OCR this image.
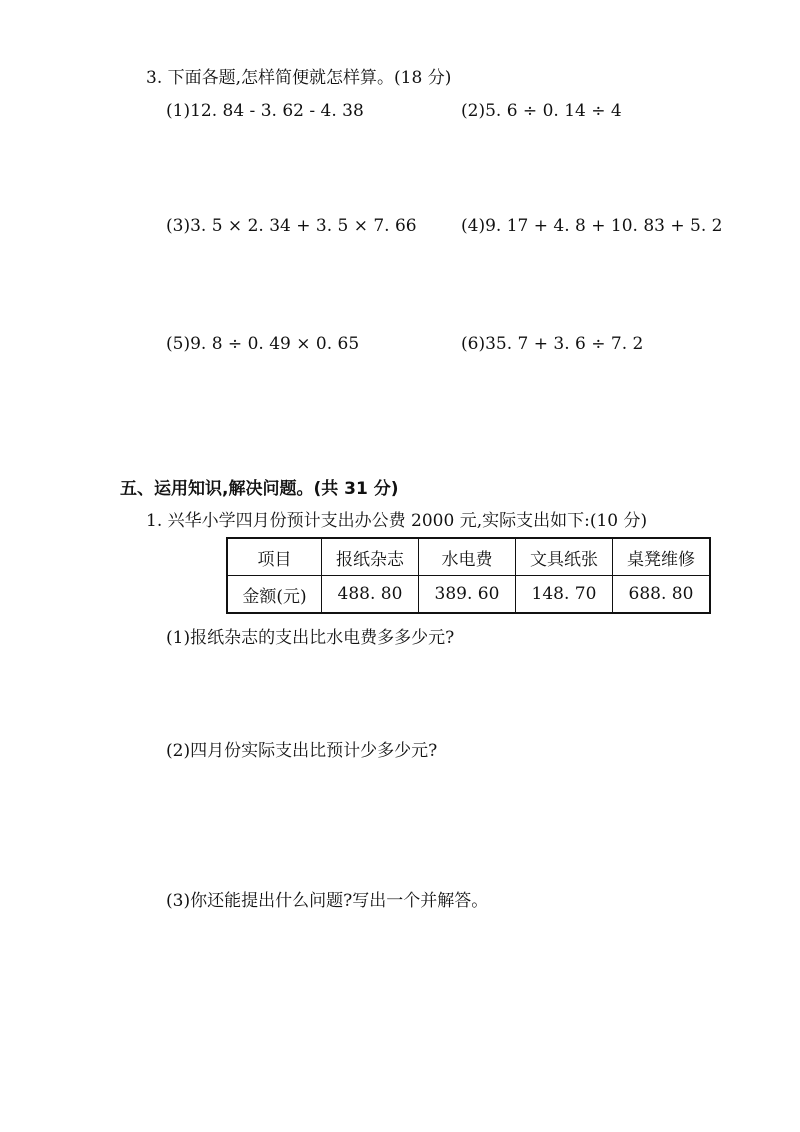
3. 下面各题,怎样简便就怎样算。(18 分)
(1)12. 84 - 3. 62 - 4. 38	(2)5. 6 ÷ 0. 14 ÷ 4
(3)3. 5 × 2. 34 + 3. 5 × 7. 66	(4)9. 17 + 4. 8 + 10. 83 + 5. 2
(5)9. 8 ÷ 0. 49 × 0. 65	(6)35. 7 + 3. 6 ÷ 7. 2
五、运用知识,解决问题。(共 31 分)
1. 兴华小学四月份预计支出办公费 2000 元,实际支出如下:(10 分)
项目	报纸杂志	水电费	文具纸张	桌凳维修
金额(元)	488. 80	389. 60	148. 70	688. 80
(1)报纸杂志的支出比水电费多多少元?
(2)四月份实际支出比预计少多少元?
(3)你还能提出什么问题?写出一个并解答。
